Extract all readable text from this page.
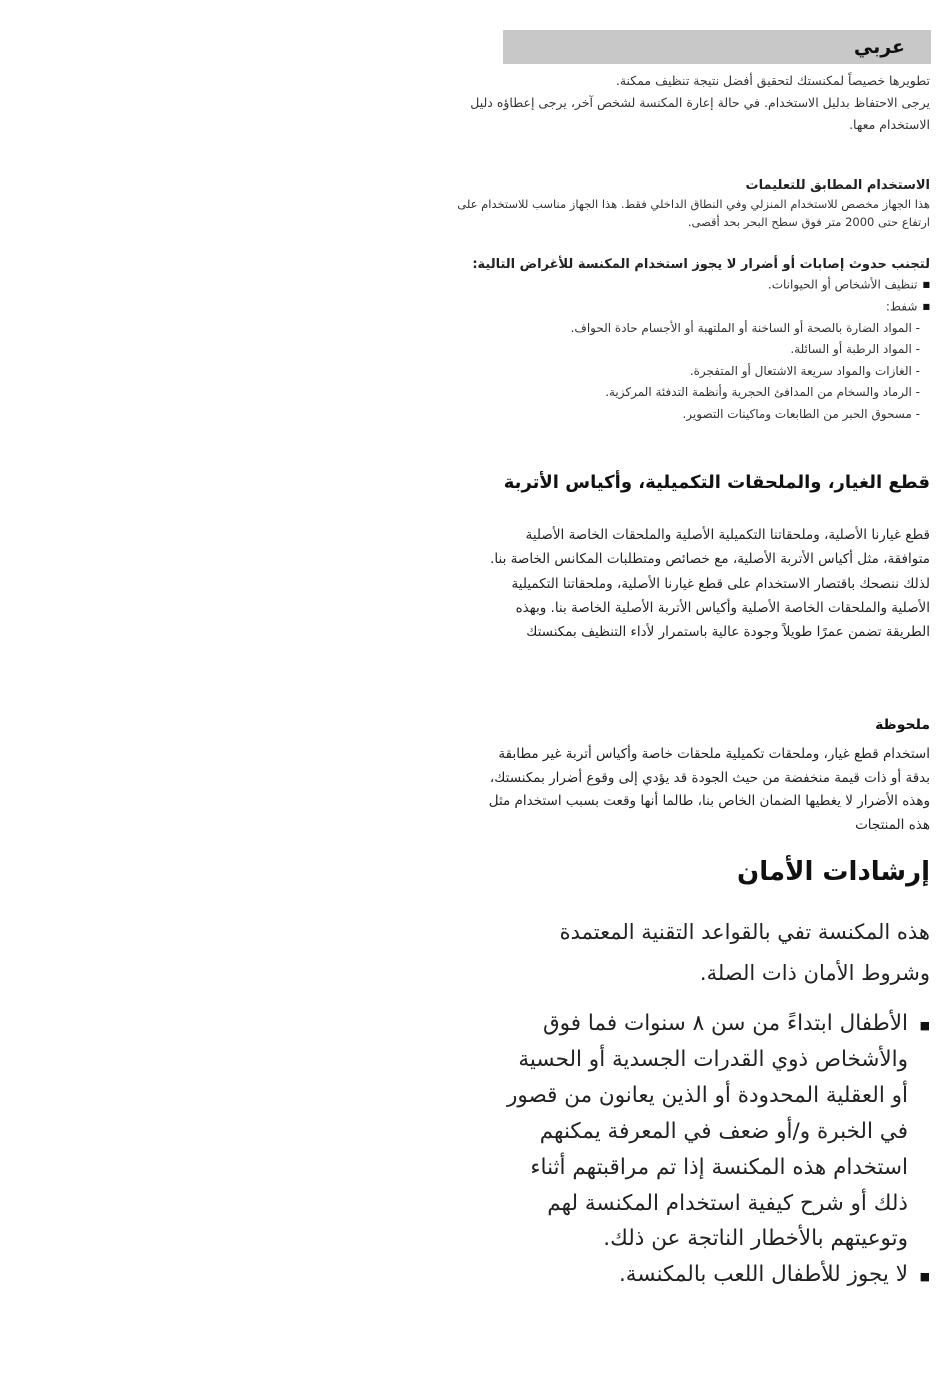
عربي

تطويرها خصيصاً لمكنستك لتحقيق أفضل نتيجة تنظيف ممكنة.

يرجى الاحتفاظ بدليل الاستخدام. في حالة إعارة المكنسة لشخص آخر، يرجى إعطاؤه دليل الاستخدام معها.

الاستخدام المطابق للتعليمات

هذا الجهاز مخصص للاستخدام المنزلي وفي النطاق الداخلي فقط. هذا الجهاز مناسب للاستخدام على ارتفاع حتى 2000 متر فوق سطح البحر بحد أقصى.

لتجنب حدوث إصابات أو أضرار لا يجوز استخدام المكنسة للأغراض التالية:

■ تنظيف الأشخاص أو الحيوانات.
■ شفط:
- المواد الضارة بالصحة أو الساخنة أو الملتهبة أو الأجسام حادة الحواف.
- المواد الرطبة أو السائلة.
- الغازات والمواد سريعة الاشتعال أو المتفجرة.
- الرماد والسخام من المدافئ الحجرية وأنظمة التدفئة المركزية.
- مسحوق الحبر من الطابعات وماكينات التصوير.
قطع الغيار، والملحقات التكميلية، وأكياس الأتربة

قطع غيارنا الأصلية، وملحقاتنا التكميلية الأصلية والملحقات الخاصة الأصلية متوافقة، مثل أكياس الأتربة الأصلية، مع خصائص ومتطلبات المكانس الخاصة بنا. لذلك ننصحك باقتصار الاستخدام على قطع غيارنا الأصلية، وملحقاتنا التكميلية الأصلية والملحقات الخاصة الأصلية وأكياس الأتربة الأصلية الخاصة بنا. وبهذه الطريقة تضمن عمرًا طويلاً وجودة عالية باستمرار لأداء التنظيف بمكنستك

ملحوظة

استخدام قطع غيار، وملحقات تكميلية ملحقات خاصة وأكياس أتربة غير مطابقة بدقة أو ذات قيمة منخفضة من حيث الجودة قد يؤدي إلى وقوع أضرار بمكنستك، وهذه الأضرار لا يغطيها الضمان الخاص بنا، طالما أنها وقعت بسبب استخدام مثل هذه المنتجات

إرشادات الأمان

هذه المكنسة تفي بالقواعد التقنية المعتمدة وشروط الأمان ذات الصلة.

■
الأطفال ابتداءً من سن ٨ سنوات فما فوق والأشخاص ذوي القدرات الجسدية أو الحسية أو العقلية المحدودة أو الذين يعانون من قصور في الخبرة و/أو ضعف في المعرفة يمكنهم استخدام هذه المكنسة إذا تم مراقبتهم أثناء ذلك أو شرح كيفية استخدام المكنسة لهم وتوعيتهم بالأخطار الناتجة عن ذلك.
■
لا يجوز للأطفال اللعب بالمكنسة.
